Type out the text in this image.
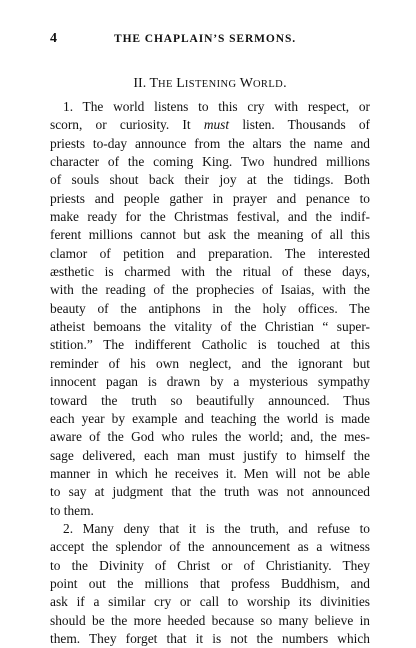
4	THE CHAPLAIN’S SERMONS.
II. THE LISTENING WORLD.
1. The world listens to this cry with respect, or
scorn, or curiosity. It must listen. Thousands of
priests to-day announce from the altars the name and
character of the coming King. Two hundred millions
of souls shout back their joy at the tidings. Both
priests and people gather in prayer and penance to
make ready for the Christmas festival, and the indif-
ferent millions cannot but ask the meaning of all this
clamor of petition and preparation. The interested
æsthetic is charmed with the ritual of these days,
with the reading of the prophecies of Isaias, with the
beauty of the antiphons in the holy offices. The
atheist bemoans the vitality of the Christian “ super-
stition.” The indifferent Catholic is touched at this
reminder of his own neglect, and the ignorant but
innocent pagan is drawn by a mysterious sympathy
toward the truth so beautifully announced. Thus
each year by example and teaching the world is made
aware of the God who rules the world; and, the mes-
sage delivered, each man must justify to himself the
manner in which he receives it. Men will not be able
to say at judgment that the truth was not announced
to them.
2. Many deny that it is the truth, and refuse to
accept the splendor of the announcement as a witness
to the Divinity of Christ or of Christianity. They
point out the millions that profess Buddhism, and
ask if a similar cry or call to worship its divinities
should be the more heeded because so many believe in
them. They forget that it is not the numbers which
